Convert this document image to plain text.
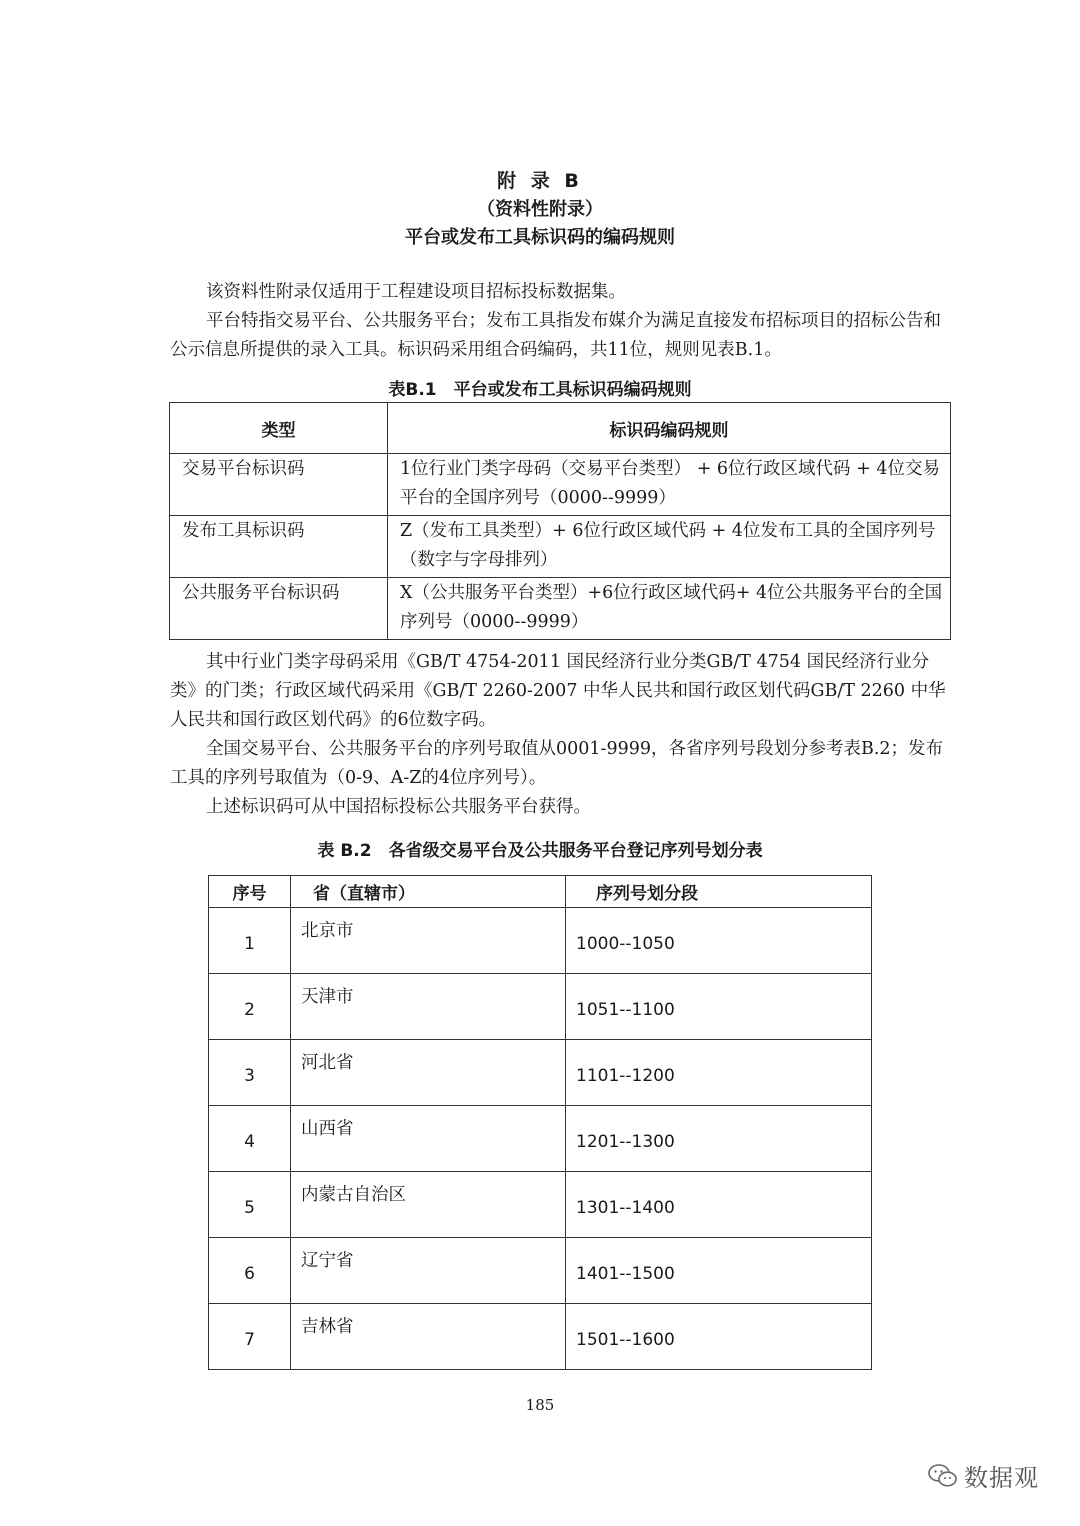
附 录 B
（资料性附录）
平台或发布工具标识码的编码规则

该资料性附录仅适用于工程建设项目招标投标数据集。

平台特指交易平台、公共服务平台；发布工具指发布媒介为满足直接发布招标项目的招标公告和公示信息所提供的录入工具。标识码采用组合码编码，共11位，规则见表B.1。

表B.1　平台或发布工具标识码编码规则
类型	标识码编码规则
交易平台标识码	1位行业门类字母码（交易平台类型） + 6位行政区域代码 + 4位交易平台的全国序列号（0000--9999）
发布工具标识码	Z（发布工具类型）+ 6位行政区域代码 + 4位发布工具的全国序列号（数字与字母排列）
公共服务平台标识码	X（公共服务平台类型）+6位行政区域代码+ 4位公共服务平台的全国序列号（0000--9999）

其中行业门类字母码采用《GB/T 4754-2011 国民经济行业分类GB/T 4754 国民经济行业分类》的门类；行政区域代码采用《GB/T 2260-2007 中华人民共和国行政区划代码GB/T 2260 中华人民共和国行政区划代码》的6位数字码。

全国交易平台、公共服务平台的序列号取值从0001-9999，各省序列号段划分参考表B.2；发布工具的序列号取值为（0-9、A-Z的4位序列号）。

上述标识码可从中国招标投标公共服务平台获得。

表 B.2　各省级交易平台及公共服务平台登记序列号划分表
序号	省（直辖市）	序列号划分段
1	北京市	1000--1050
2	天津市	1051--1100
3	河北省	1101--1200
4	山西省	1201--1300
5	内蒙古自治区	1301--1400
6	辽宁省	1401--1500
7	吉林省	1501--1600
185
数据观
